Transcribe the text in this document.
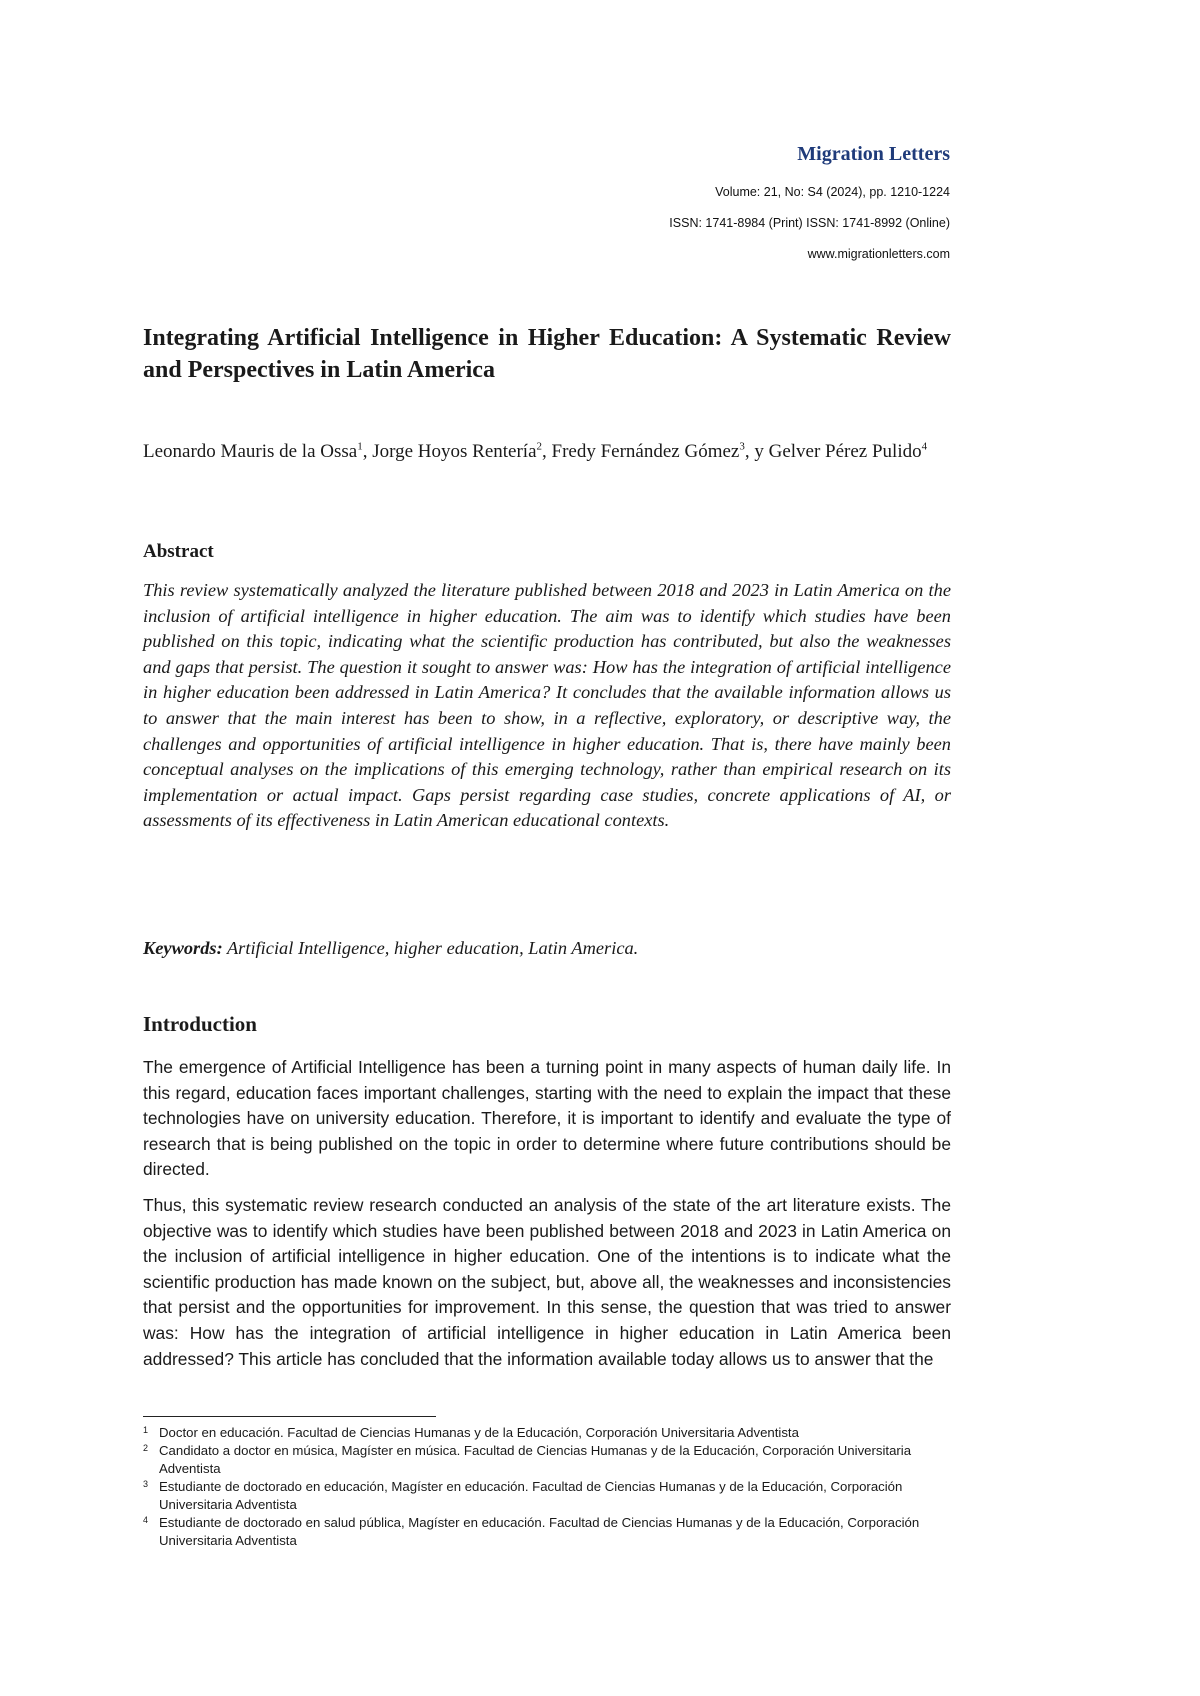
Migration Letters

Volume: 21, No: S4 (2024), pp. 1210-1224

ISSN: 1741-8984 (Print) ISSN: 1741-8992 (Online)

www.migrationletters.com

Integrating Artificial Intelligence in Higher Education: A Systematic Review and Perspectives in Latin America

Leonardo Mauris de la Ossa$^1$, Jorge Hoyos Rentería$^2$, Fredy Fernández Gómez$^3$, y Gelver Pérez Pulido$^4$

Abstract

This review systematically analyzed the literature published between 2018 and 2023 in Latin America on the inclusion of artificial intelligence in higher education. The aim was to identify which studies have been published on this topic, indicating what the scientific production has contributed, but also the weaknesses and gaps that persist. The question it sought to answer was: How has the integration of artificial intelligence in higher education been addressed in Latin America? It concludes that the available information allows us to answer that the main interest has been to show, in a reflective, exploratory, or descriptive way, the challenges and opportunities of artificial intelligence in higher education. That is, there have mainly been conceptual analyses on the implications of this emerging technology, rather than empirical research on its implementation or actual impact. Gaps persist regarding case studies, concrete applications of AI, or assessments of its effectiveness in Latin American educational contexts.

Keywords: Artificial Intelligence, higher education, Latin America.

Introduction

The emergence of Artificial Intelligence has been a turning point in many aspects of human daily life. In this regard, education faces important challenges, starting with the need to explain the impact that these technologies have on university education. Therefore, it is important to identify and evaluate the type of research that is being published on the topic in order to determine where future contributions should be directed.

Thus, this systematic review research conducted an analysis of the state of the art literature exists. The objective was to identify which studies have been published between 2018 and 2023 in Latin America on the inclusion of artificial intelligence in higher education. One of the intentions is to indicate what the scientific production has made known on the subject, but, above all, the weaknesses and inconsistencies that persist and the opportunities for improvement. In this sense, the question that was tried to answer was: How has the integration of artificial intelligence in higher education in Latin America been addressed? This article has concluded that the information available today allows us to answer that the

1 Doctor en educación. Facultad de Ciencias Humanas y de la Educación, Corporación Universitaria Adventista
2 Candidato a doctor en música, Magíster en música. Facultad de Ciencias Humanas y de la Educación, Corporación Universitaria Adventista
3 Estudiante de doctorado en educación, Magíster en educación. Facultad de Ciencias Humanas y de la Educación, Corporación Universitaria Adventista
4 Estudiante de doctorado en salud pública, Magíster en educación. Facultad de Ciencias Humanas y de la Educación, Corporación Universitaria Adventista
